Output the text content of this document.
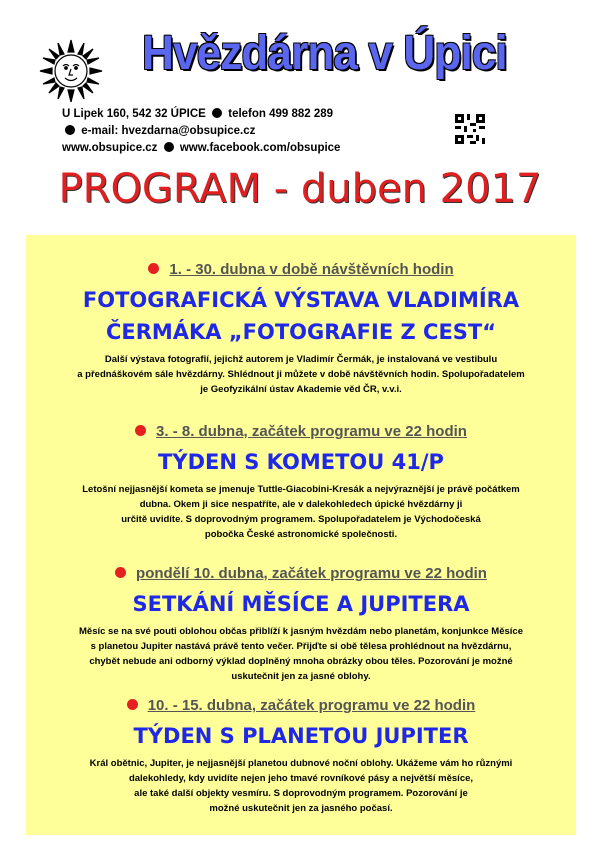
Hvězdárna v Úpici
U Lipek 160, 542 32 ÚPICE telefon 499 882 289
e-mail: hvezdarna@obsupice.cz
www.obsupice.cz www.facebook.com/obsupice
PROGRAM - duben 2017
1. - 30. dubna v době návštěvních hodin
FOTOGRAFICKÁ VÝSTAVA VLADIMÍRA
ČERMÁKA „FOTOGRAFIE Z CEST“
Další výstava fotografií, jejichž autorem je Vladimír Čermák, je instalovaná ve vestibulu
a přednáškovém sále hvězdárny. Shlédnout ji můžete v době návštěvních hodin. Spolupořadatelem
je Geofyzikální ústav Akademie věd ČR, v.v.i.
3. - 8. dubna, začátek programu ve 22 hodin
TÝDEN S KOMETOU 41/P
Letošní nejjasnější kometa se jmenuje Tuttle-Giacobini-Kresák a nejvýraznější je právě počátkem
dubna. Okem ji sice nespatříte, ale v dalekohledech úpické hvězdárny ji
určitě uvidíte. S doprovodným programem. Spolupořadatelem je Východočeská
pobočka České astronomické společnosti.
pondělí 10. dubna, začátek programu ve 22 hodin
SETKÁNÍ MĚSÍCE A JUPITERA
Měsíc se na své pouti oblohou občas přiblíží k jasným hvězdám nebo planetám, konjunkce Měsíce
s planetou Jupiter nastává právě tento večer. Přijďte si obě tělesa prohlédnout na hvězdárnu,
chybět nebude ani odborný výklad doplněný mnoha obrázky obou těles. Pozorování je možné
uskutečnit jen za jasné oblohy.
10. - 15. dubna, začátek programu ve 22 hodin
TÝDEN S PLANETOU JUPITER
Král obětnic, Jupiter, je nejjasnější planetou dubnové noční oblohy. Ukážeme vám ho různými
dalekohledy, kdy uvidíte nejen jeho tmavé rovníkové pásy a největší měsíce,
ale také další objekty vesmíru. S doprovodným programem. Pozorování je
možné uskutečnit jen za jasného počasí.
